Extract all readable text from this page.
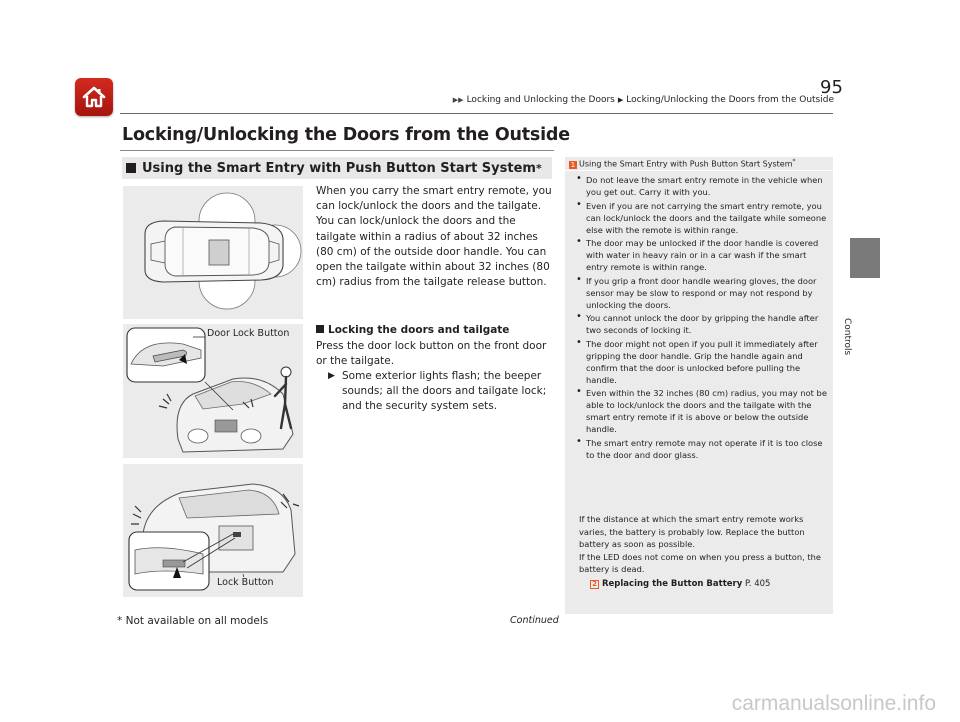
▶▶ Locking and Unlocking the Doors ▶ Locking/Unlocking the Doors from the Outside
Locking/Unlocking the Doors from the Outside
Using the Smart Entry with Push Button Start System *
Door Lock Button
Lock Button
When you carry the smart entry remote, you can lock/unlock the doors and the tailgate. You can lock/unlock the doors and the tailgate within a radius of about 32 inches (80 cm) of the outside door handle. You can open the tailgate within about 32 inches (80 cm) radius from the tailgate release button.
Locking the doors and tailgate
Press the door lock button on the front door or the tailgate.
▶ Some exterior lights flash; the beeper sounds; all the doors and tailgate lock; and the security system sets.
1 Using the Smart Entry with Push Button Start System*
• Do not leave the smart entry remote in the vehicle when you get out. Carry it with you.
• Even if you are not carrying the smart entry remote, you can lock/unlock the doors and the tailgate while someone else with the remote is within range.
• The door may be unlocked if the door handle is covered with water in heavy rain or in a car wash if the smart entry remote is within range.
• If you grip a front door handle wearing gloves, the door sensor may be slow to respond or may not respond by unlocking the doors.
• You cannot unlock the door by gripping the handle after two seconds of locking it.
• The door might not open if you pull it immediately after gripping the door handle. Grip the handle again and confirm that the door is unlocked before pulling the handle.
• Even within the 32 inches (80 cm) radius, you may not be able to lock/unlock the doors and the tailgate with the smart entry remote if it is above or below the outside handle.
• The smart entry remote may not operate if it is too close to the door and door glass.
If the distance at which the smart entry remote works varies, the battery is probably low. Replace the button battery as soon as possible.
If the LED does not come on when you press a button, the battery is dead.
2 Replacing the Button Battery P. 405
Controls
95
* Not available on all models	Continued
carmanualsonline.info
